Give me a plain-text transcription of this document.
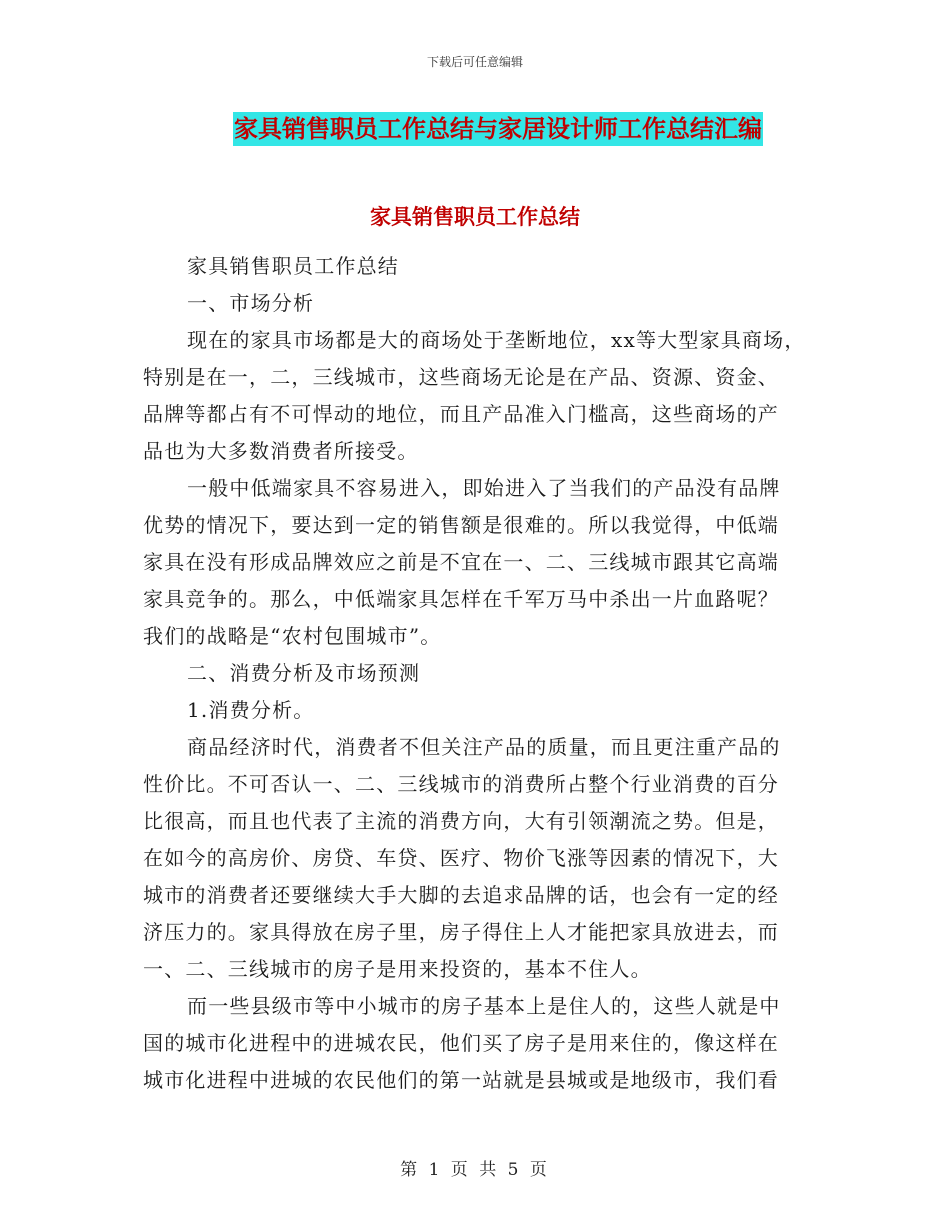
下载后可任意编辑
家具销售职员工作总结与家居设计师工作总结汇编
家具销售职员工作总结
家具销售职员工作总结
一、市场分析
现在的家具市场都是大的商场处于垄断地位，xx等大型家具商场，
特别是在一，二，三线城市，这些商场无论是在产品、资源、资金、
品牌等都占有不可悍动的地位，而且产品准入门槛高，这些商场的产
品也为大多数消费者所接受。
一般中低端家具不容易进入，即始进入了当我们的产品没有品牌
优势的情况下，要达到一定的销售额是很难的。所以我觉得，中低端
家具在没有形成品牌效应之前是不宜在一、二、三线城市跟其它高端
家具竞争的。那么，中低端家具怎样在千军万马中杀出一片血路呢？
我们的战略是“农村包围城市”。
二、消费分析及市场预测
1.消费分析。
商品经济时代，消费者不但关注产品的质量，而且更注重产品的
性价比。不可否认一、二、三线城市的消费所占整个行业消费的百分
比很高，而且也代表了主流的消费方向，大有引领潮流之势。但是，
在如今的高房价、房贷、车贷、医疗、物价飞涨等因素的情况下，大
城市的消费者还要继续大手大脚的去追求品牌的话，也会有一定的经
济压力的。家具得放在房子里，房子得住上人才能把家具放进去，而
一、二、三线城市的房子是用来投资的，基本不住人。
而一些县级市等中小城市的房子基本上是住人的，这些人就是中
国的城市化进程中的进城农民，他们买了房子是用来住的，像这样在
城市化进程中进城的农民他们的第一站就是县城或是地级市，我们看
第 1 页 共 5 页
